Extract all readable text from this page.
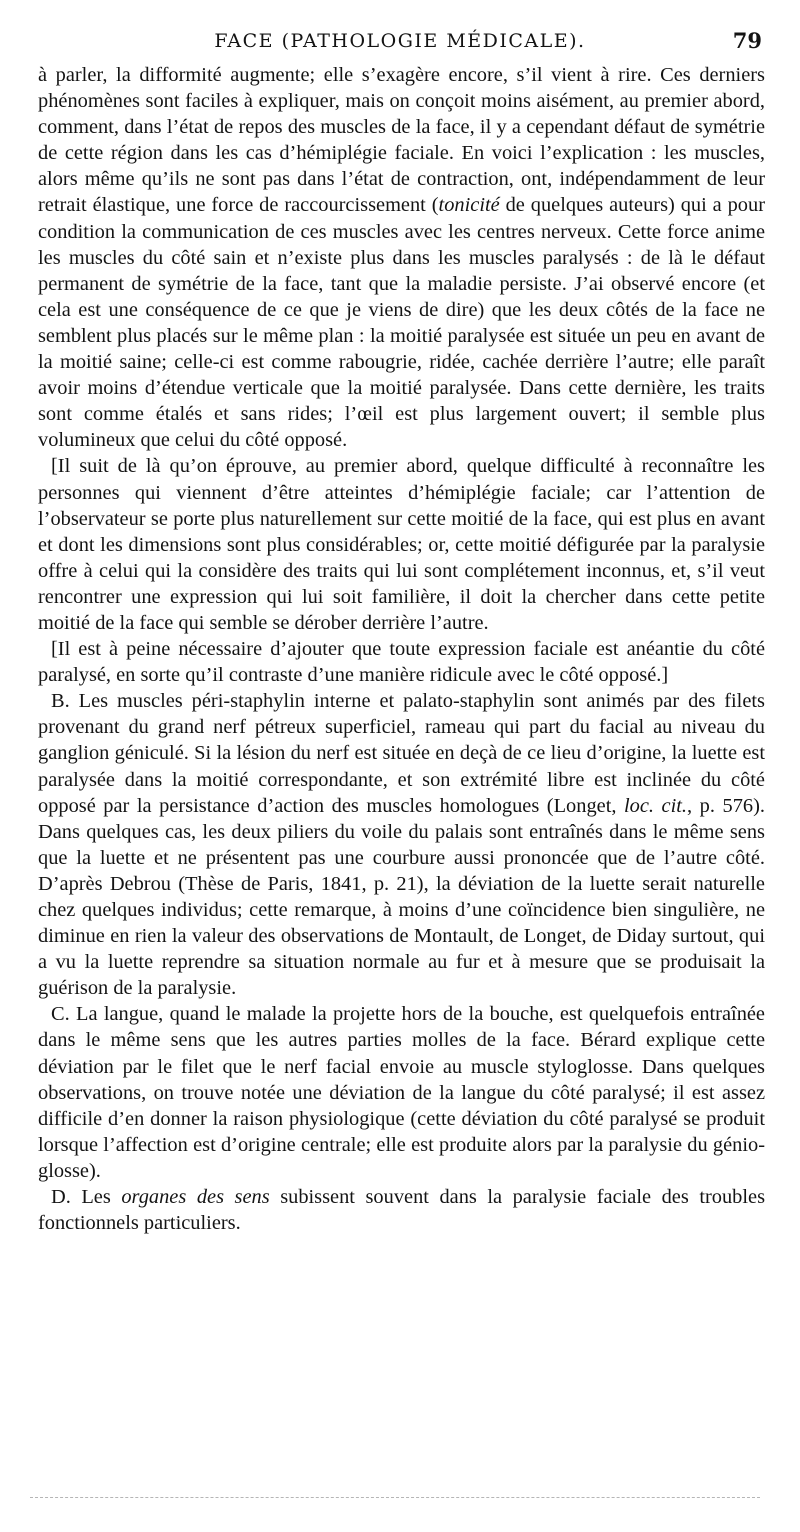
FACE (PATHOLOGIE MÉDICALE).	79

à parler, la difformité augmente; elle s’exagère encore, s’il vient à rire. Ces derniers phénomènes sont faciles à expliquer, mais on conçoit moins aisément, au premier abord, comment, dans l’état de repos des muscles de la face, il y a cependant défaut de symétrie de cette région dans les cas d’hémiplégie faciale. En voici l’explication : les muscles, alors même qu’ils ne sont pas dans l’état de contraction, ont, indépendamment de leur retrait élastique, une force de raccourcissement (tonicité de quelques auteurs) qui a pour condition la communication de ces muscles avec les centres nerveux. Cette force anime les muscles du côté sain et n’existe plus dans les muscles paralysés : de là le défaut permanent de symétrie de la face, tant que la maladie persiste. J’ai observé encore (et cela est une conséquence de ce que je viens de dire) que les deux côtés de la face ne semblent plus placés sur le même plan : la moitié paralysée est située un peu en avant de la moitié saine; celle-ci est comme rabougrie, ridée, cachée derrière l’autre; elle paraît avoir moins d’étendue verticale que la moitié paralysée. Dans cette dernière, les traits sont comme étalés et sans rides; l’œil est plus largement ouvert; il semble plus volumineux que celui du côté opposé.

[Il suit de là qu’on éprouve, au premier abord, quelque difficulté à reconnaître les personnes qui viennent d’être atteintes d’hémiplégie faciale; car l’attention de l’observateur se porte plus naturellement sur cette moitié de la face, qui est plus en avant et dont les dimensions sont plus considérables; or, cette moitié défigurée par la paralysie offre à celui qui la considère des traits qui lui sont complétement inconnus, et, s’il veut rencontrer une expression qui lui soit familière, il doit la chercher dans cette petite moitié de la face qui semble se dérober derrière l’autre.

[Il est à peine nécessaire d’ajouter que toute expression faciale est anéantie du côté paralysé, en sorte qu’il contraste d’une manière ridicule avec le côté opposé.]

B. Les muscles péri-staphylin interne et palato-staphylin sont animés par des filets provenant du grand nerf pétreux superficiel, rameau qui part du facial au niveau du ganglion géniculé. Si la lésion du nerf est située en deçà de ce lieu d’origine, la luette est paralysée dans la moitié correspondante, et son extrémité libre est inclinée du côté opposé par la persistance d’action des muscles homologues (Longet, loc. cit., p. 576). Dans quelques cas, les deux piliers du voile du palais sont entraînés dans le même sens que la luette et ne présentent pas une courbure aussi prononcée que de l’autre côté. D’après Debrou (Thèse de Paris, 1841, p. 21), la déviation de la luette serait naturelle chez quelques individus; cette remarque, à moins d’une coïncidence bien singulière, ne diminue en rien la valeur des observations de Montault, de Longet, de Diday surtout, qui a vu la luette reprendre sa situation normale au fur et à mesure que se produisait la guérison de la paralysie.

C. La langue, quand le malade la projette hors de la bouche, est quelquefois entraînée dans le même sens que les autres parties molles de la face. Bérard explique cette déviation par le filet que le nerf facial envoie au muscle styloglosse. Dans quelques observations, on trouve notée une déviation de la langue du côté paralysé; il est assez difficile d’en donner la raison physiologique (cette déviation du côté paralysé se produit lorsque l’affection est d’origine centrale; elle est produite alors par la paralysie du génio-glosse).

D. Les organes des sens subissent souvent dans la paralysie faciale des troubles fonctionnels particuliers.
